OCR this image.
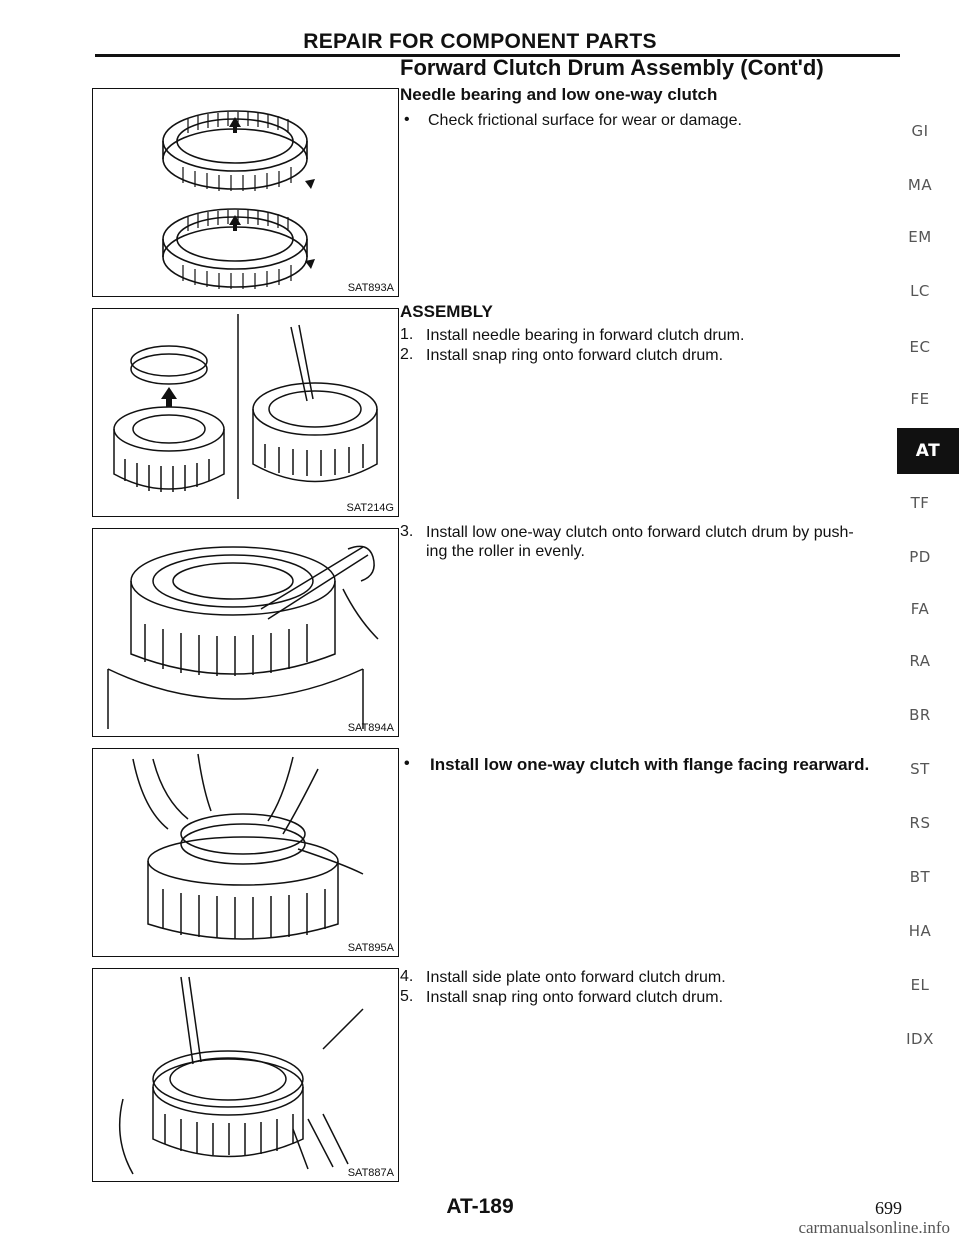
REPAIR FOR COMPONENT PARTS
Forward Clutch Drum Assembly (Cont'd)
Needle bearing and low one-way clutch
•	Check frictional surface for wear or damage.
ASSEMBLY
1. Install needle bearing in forward clutch drum.
2. Install snap ring onto forward clutch drum.
3. Install low one-way clutch onto forward clutch drum by push-
ing the roller in evenly.
•	Install low one-way clutch with flange facing rearward.
4. Install side plate onto forward clutch drum.
5. Install snap ring onto forward clutch drum.
SAT893A
SAT214G
SAT894A
SAT895A
SAT887A
GI
MA
EM
LC
EC
FE
AT
TF
PD
FA
RA
BR
ST
RS
BT
HA
EL
IDX
AT-189	699
carmanualsonline.info
